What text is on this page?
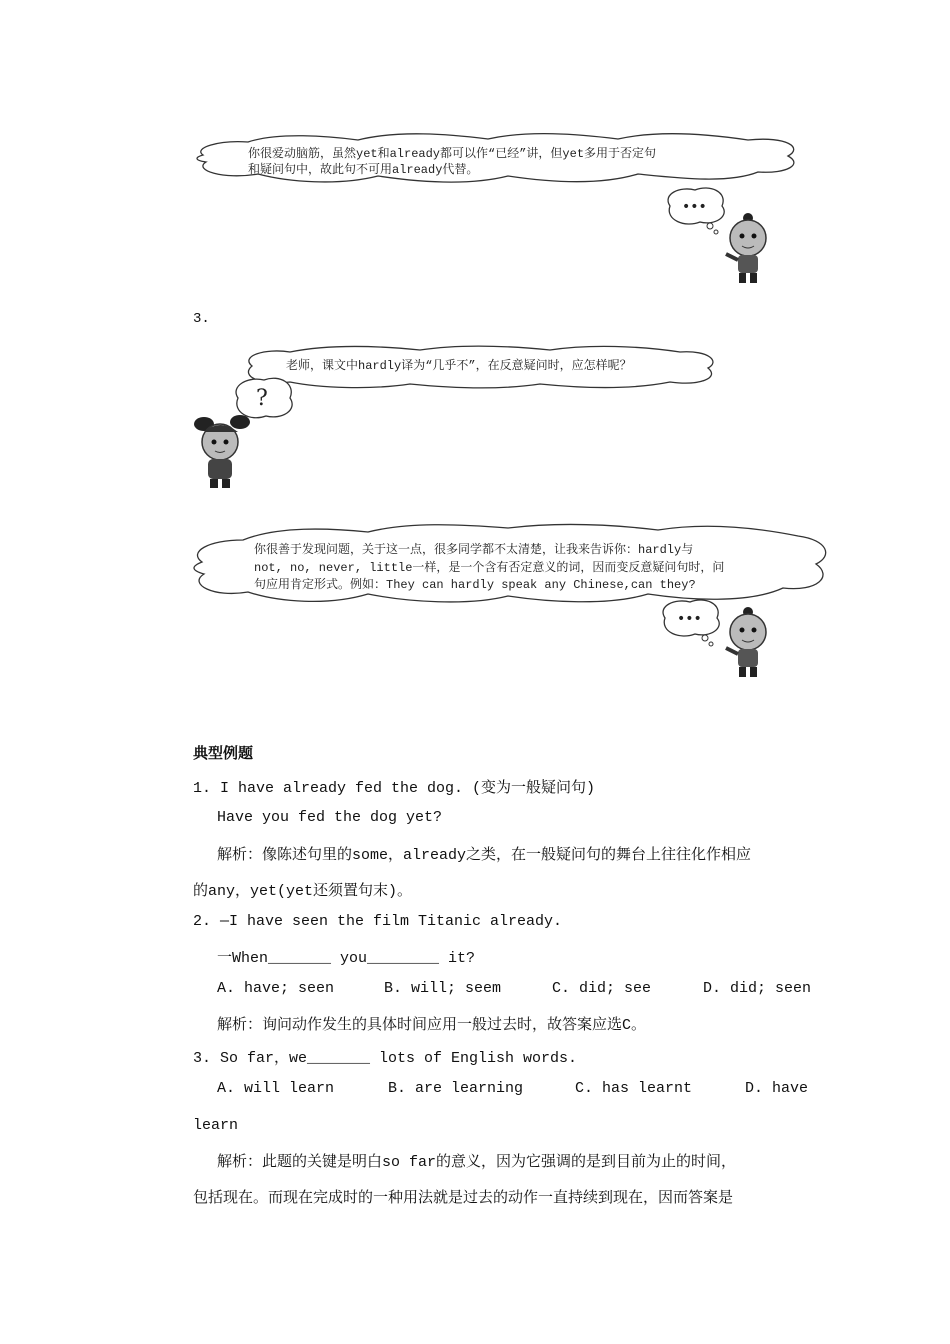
你很爱动脑筋，虽然yet和already都可以作“已经”讲，但yet多用于否定句
和疑问句中，故此句不可用already代替。
•••
3.
老师，课文中hardly译为“几乎不”，在反意疑问时，应怎样呢？
?
你很善于发现问题，关于这一点，很多同学都不太清楚，让我来告诉你：hardly与
not, no, never, little一样，是一个含有否定意义的词，因而变反意疑问句时，问
句应用肯定形式。例如：They can hardly speak any Chinese,can they?
•••
典型例题
1. I have already fed the dog. (变为一般疑问句)
Have you fed the dog yet?
解析：像陈述句里的some，already之类，在一般疑问句的舞台上往往化作相应
的any，yet(yet还须置句末)。
2. —I have seen the film Titanic already.
一When_______ you________ it?
A. have; seen	B. will; seem	C. did; see	D. did; seen
解析：询问动作发生的具体时间应用一般过去时，故答案应选C。
3. So far，we_______ lots of English words.
A. will learn	B. are learning	C. has learnt	D. have
learn
解析：此题的关键是明白so far的意义，因为它强调的是到目前为止的时间，
包括现在。而现在完成时的一种用法就是过去的动作一直持续到现在，因而答案是
